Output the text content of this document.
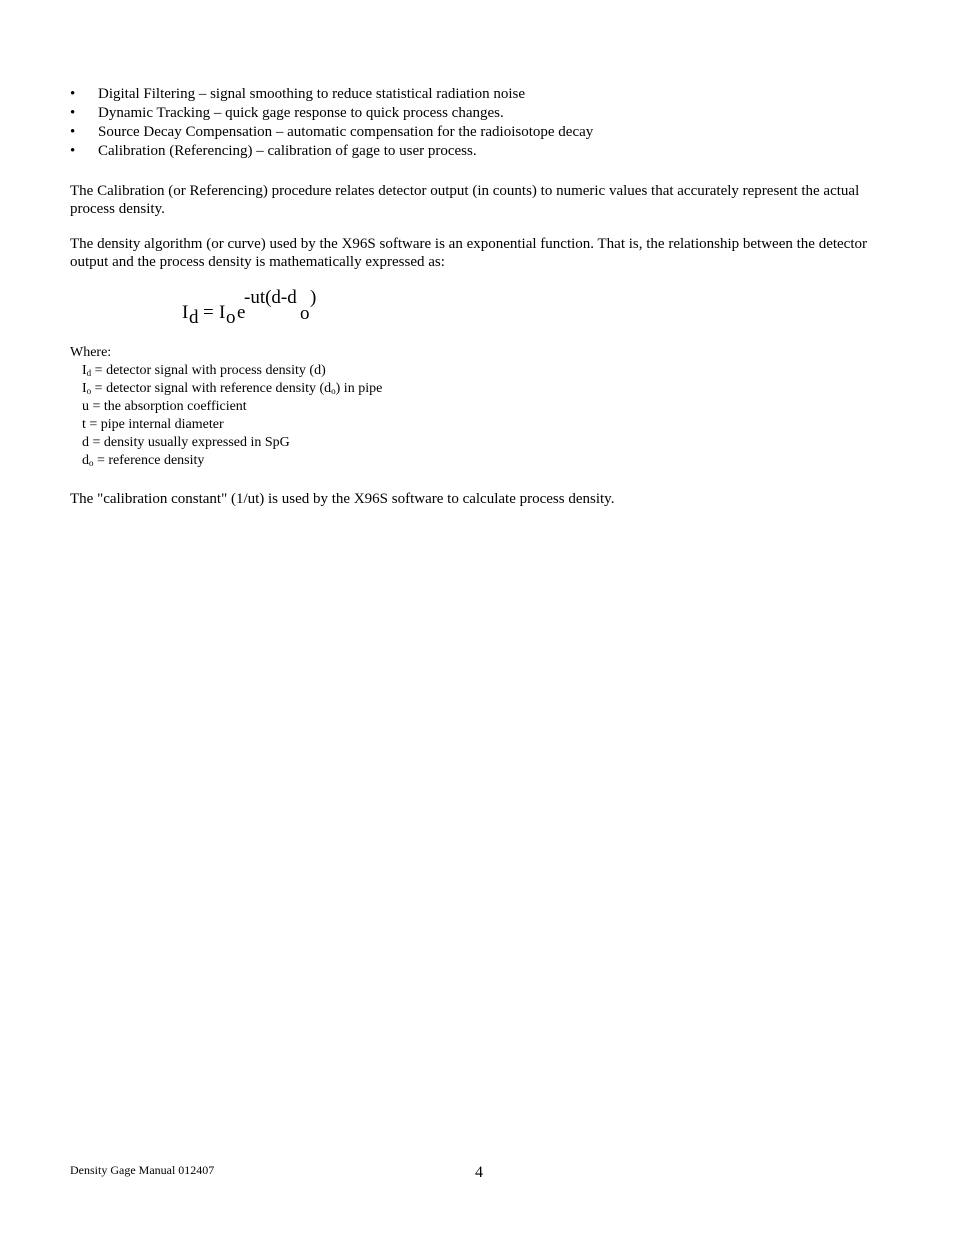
• Digital Filtering – signal smoothing to reduce statistical radiation noise
• Dynamic Tracking – quick gage response to quick process changes.
• Source Decay Compensation – automatic compensation for the radioisotope decay
• Calibration (Referencing) – calibration of gage to user process.

The Calibration (or Referencing) procedure relates detector output (in counts) to numeric values that accurately represent the actual process density.

The density algorithm (or curve) used by the X96S software is an exponential function. That is, the relationship between the detector output and the process density is mathematically expressed as:

I d = I o e
-ut(d-d
o
)
Where:
$I_d$ = detector signal with process density (d)
$I_o$ = detector signal with reference density $(d_o)$ in pipe
u = the absorption coefficient
t = pipe internal diameter
d = density usually expressed in SpG
$d_o$ = reference density

The "calibration constant" (1/ut) is used by the X96S software to calculate process density.

Density Gage Manual 012407	4
